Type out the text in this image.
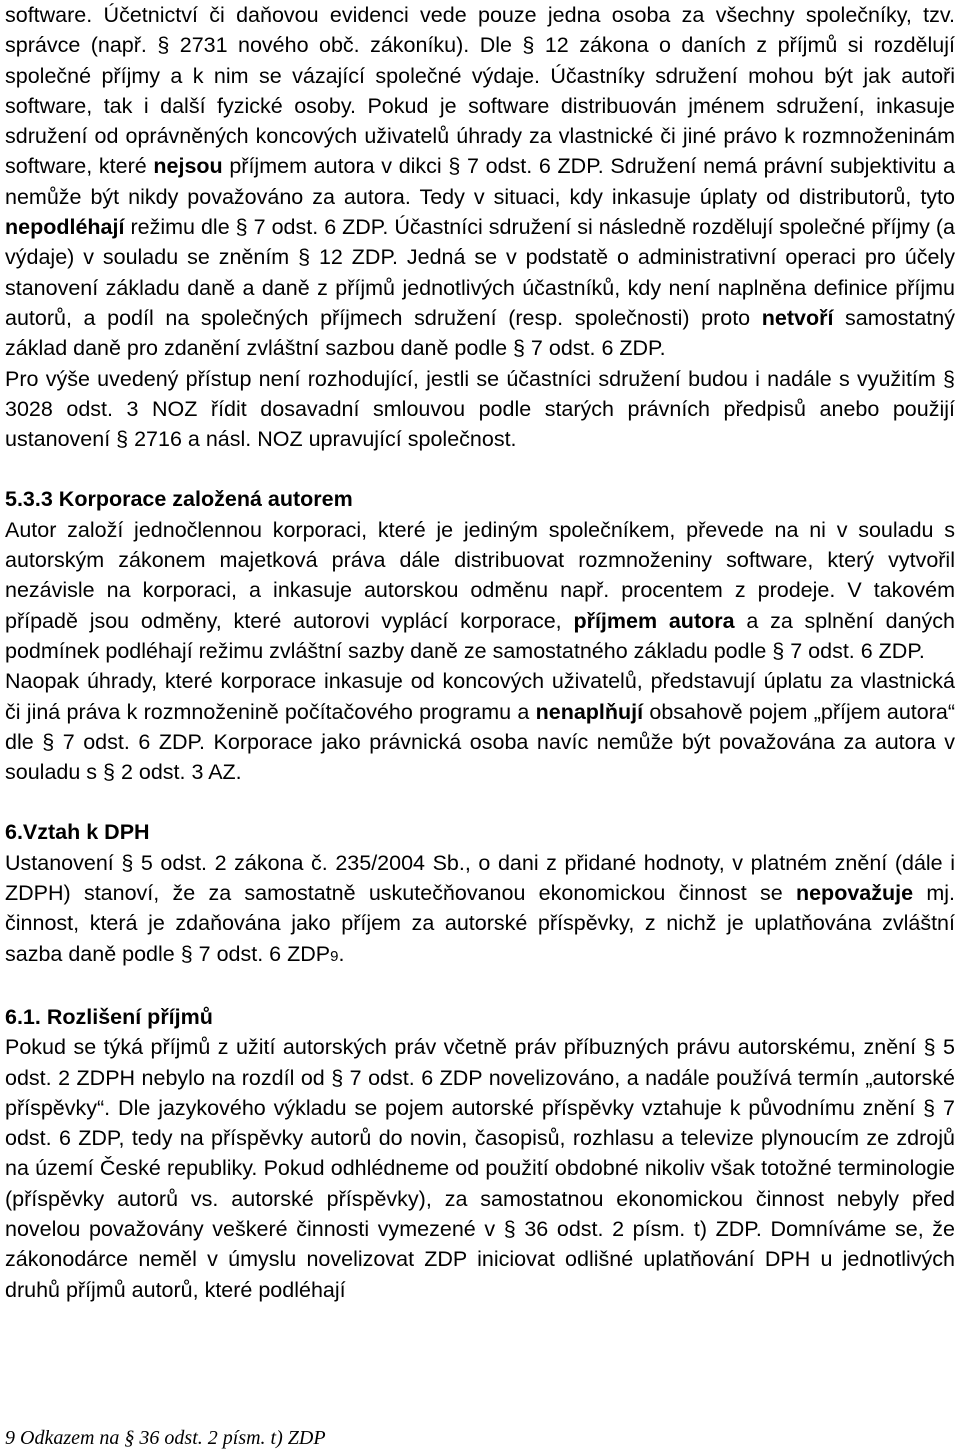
software. Účetnictví či daňovou evidenci vede pouze jedna osoba za všechny společníky, tzv. správce (např. § 2731 nového obč. zákoníku). Dle § 12 zákona o daních z příjmů si rozdělují společné příjmy a k nim se vázající společné výdaje. Účastníky sdružení mohou být jak autoři software, tak i další fyzické osoby. Pokud je software distribuován jménem sdružení, inkasuje sdružení od oprávněných koncových uživatelů úhrady za vlastnické či jiné právo k rozmnoženinám software, které nejsou příjmem autora v dikci § 7 odst. 6 ZDP. Sdružení nemá právní subjektivitu a nemůže být nikdy považováno za autora. Tedy v situaci, kdy inkasuje úplaty od distributorů, tyto nepodléhají režimu dle § 7 odst. 6 ZDP. Účastníci sdružení si následně rozdělují společné příjmy (a výdaje) v souladu se zněním § 12 ZDP. Jedná se v podstatě o administrativní operaci pro účely stanovení základu daně a daně z příjmů jednotlivých účastníků, kdy není naplněna definice příjmu autorů, a podíl na společných příjmech sdružení (resp. společnosti) proto netvoří samostatný základ daně pro zdanění zvláštní sazbou daně podle § 7 odst. 6 ZDP.

Pro výše uvedený přístup není rozhodující, jestli se účastníci sdružení budou i nadále s využitím § 3028 odst. 3 NOZ řídit dosavadní smlouvou podle starých právních předpisů anebo použijí ustanovení § 2716 a násl. NOZ upravující společnost.

5.3.3 Korporace založená autorem

Autor založí jednočlennou korporaci, které je jediným společníkem, převede na ni v souladu s autorským zákonem majetková práva dále distribuovat rozmnoženiny software, který vytvořil nezávisle na korporaci, a inkasuje autorskou odměnu např. procentem z prodeje. V takovém případě jsou odměny, které autorovi vyplácí korporace, příjmem autora a za splnění daných podmínek podléhají režimu zvláštní sazby daně ze samostatného základu podle § 7 odst. 6 ZDP.

Naopak úhrady, které korporace inkasuje od koncových uživatelů, představují úplatu za vlastnická či jiná práva k rozmnoženině počítačového programu a nenaplňují obsahově pojem „příjem autora“ dle § 7 odst. 6 ZDP. Korporace jako právnická osoba navíc nemůže být považována za autora v souladu s § 2 odst. 3 AZ.

6.Vztah k DPH

Ustanovení § 5 odst. 2 zákona č. 235/2004 Sb., o dani z přidané hodnoty, v platném znění (dále i ZDPH) stanoví, že za samostatně uskutečňovanou ekonomickou činnost se nepovažuje mj. činnost, která je zdaňována jako příjem za autorské příspěvky, z nichž je uplatňována zvláštní sazba daně podle § 7 odst. 6 ZDP9.

6.1. Rozlišení příjmů

Pokud se týká příjmů z užití autorských práv včetně práv příbuzných právu autorskému, znění § 5 odst. 2 ZDPH nebylo na rozdíl od § 7 odst. 6 ZDP novelizováno, a nadále používá termín „autorské příspěvky“. Dle jazykového výkladu se pojem autorské příspěvky vztahuje k původnímu znění § 7 odst. 6 ZDP, tedy na příspěvky autorů do novin, časopisů, rozhlasu a televize plynoucím ze zdrojů na území České republiky. Pokud odhlédneme od použití obdobné nikoliv však totožné terminologie (příspěvky autorů vs. autorské příspěvky), za samostatnou ekonomickou činnost nebyly před novelou považovány veškeré činnosti vymezené v § 36 odst. 2 písm. t) ZDP. Domníváme se, že zákonodárce neměl v úmyslu novelizovat ZDP iniciovat odlišné uplatňování DPH u jednotlivých druhů příjmů autorů, které podléhají

9 Odkazem na § 36 odst. 2 písm. t) ZDP
